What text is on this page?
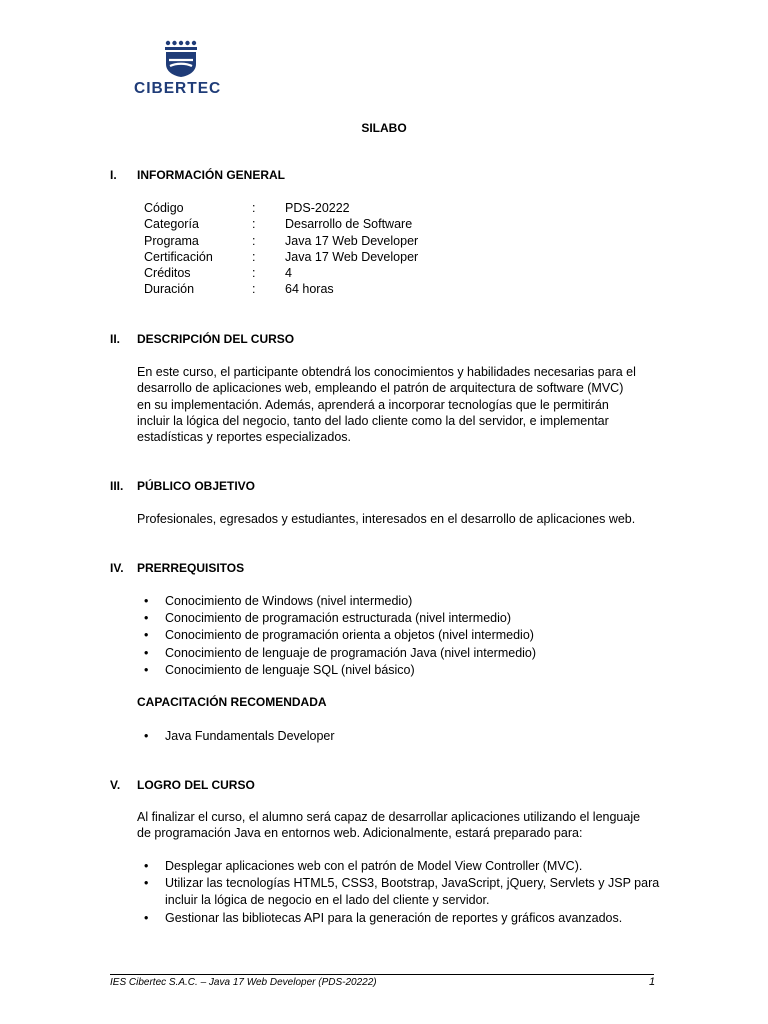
CIBERTEC
SILABO
I. INFORMACIÓN GENERAL
Código	: PDS-20222
Categoría	: Desarrollo de Software
Programa	: Java 17 Web Developer
Certificación	: Java 17 Web Developer
Créditos	: 4
Duración	: 64 horas
II. DESCRIPCIÓN DEL CURSO
En este curso, el participante obtendrá los conocimientos y habilidades necesarias para el
desarrollo de aplicaciones web, empleando el patrón de arquitectura de software (MVC)
en su implementación. Además, aprenderá a incorporar tecnologías que le permitirán
incluir la lógica del negocio, tanto del lado cliente como la del servidor, e implementar
estadísticas y reportes especializados.
III. PÚBLICO OBJETIVO
Profesionales, egresados y estudiantes, interesados en el desarrollo de aplicaciones web.
IV. PRERREQUISITOS
• Conocimiento de Windows (nivel intermedio)
• Conocimiento de programación estructurada (nivel intermedio)
• Conocimiento de programación orienta a objetos (nivel intermedio)
• Conocimiento de lenguaje de programación Java (nivel intermedio)
• Conocimiento de lenguaje SQL (nivel básico)
CAPACITACIÓN RECOMENDADA
• Java Fundamentals Developer
V. LOGRO DEL CURSO
Al finalizar el curso, el alumno será capaz de desarrollar aplicaciones utilizando el lenguaje
de programación Java en entornos web. Adicionalmente, estará preparado para:
• Desplegar aplicaciones web con el patrón de Model View Controller (MVC).
• Utilizar las tecnologías HTML5, CSS3, Bootstrap, JavaScript, jQuery, Servlets y JSP para
incluir la lógica de negocio en el lado del cliente y servidor.
• Gestionar las bibliotecas API para la generación de reportes y gráficos avanzados.
IES Cibertec S.A.C. – Java 17 Web Developer (PDS-20222)	1
